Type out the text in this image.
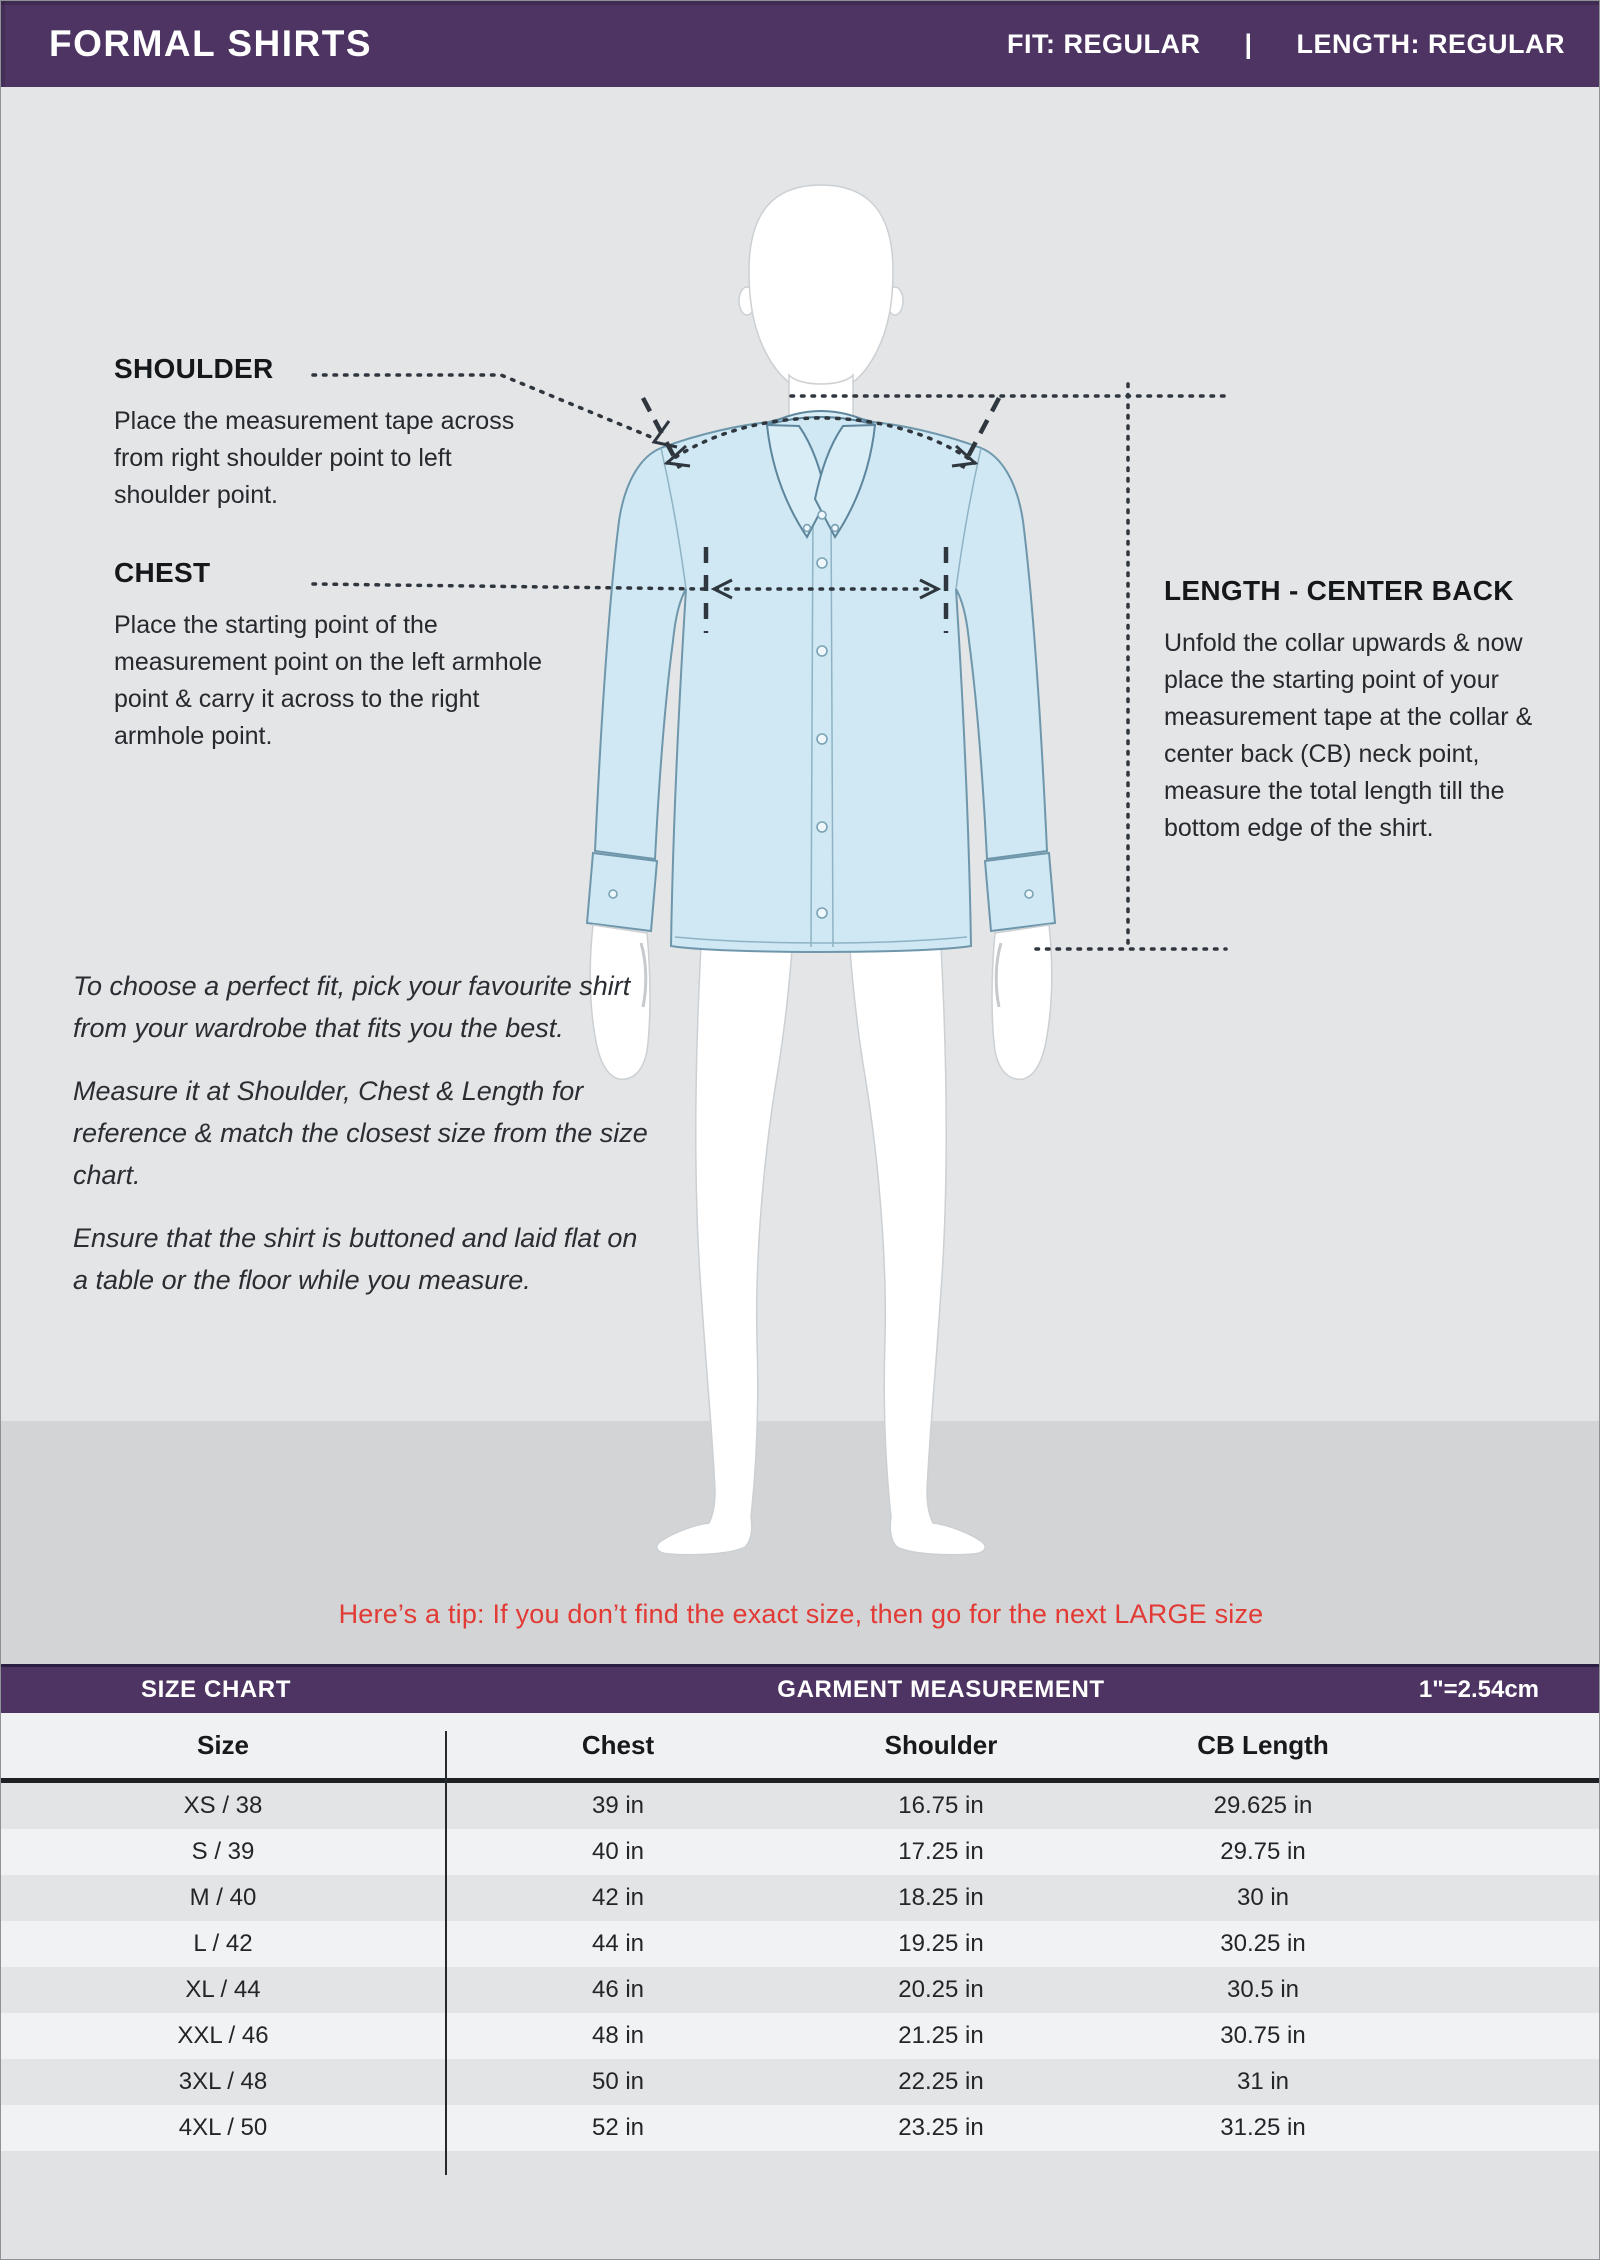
FORMAL SHIRTS	FIT: REGULAR | LENGTH: REGULAR
SHOULDER

Place the measurement tape across from right shoulder point to left shoulder point.

CHEST

Place the starting point of the measurement point on the left armhole point & carry it across to the right armhole point.

LENGTH - CENTER BACK

Unfold the collar upwards & now place the starting point of your measurement tape at the collar & center back (CB) neck point, measure the total length till the bottom edge of the shirt.

To choose a perfect fit, pick your favourite shirt from your wardrobe that fits you the best.

Measure it at Shoulder, Chest & Length for reference & match the closest size from the size chart.

Ensure that the shirt is buttoned and laid flat on a table or the floor while you measure.

Here’s a tip: If you don’t find the exact size, then go for the next LARGE size
SIZE CHART	GARMENT MEASUREMENT	1"=2.54cm
Size	Chest	Shoulder	CB Length
XS / 38	39 in	16.75 in	29.625 in
S / 39	40 in	17.25 in	29.75 in
M / 40	42 in	18.25 in	30 in
L / 42	44 in	19.25 in	30.25 in
XL / 44	46 in	20.25 in	30.5 in
XXL / 46	48 in	21.25 in	30.75 in
3XL / 48	50 in	22.25 in	31 in
4XL / 50	52 in	23.25 in	31.25 in
